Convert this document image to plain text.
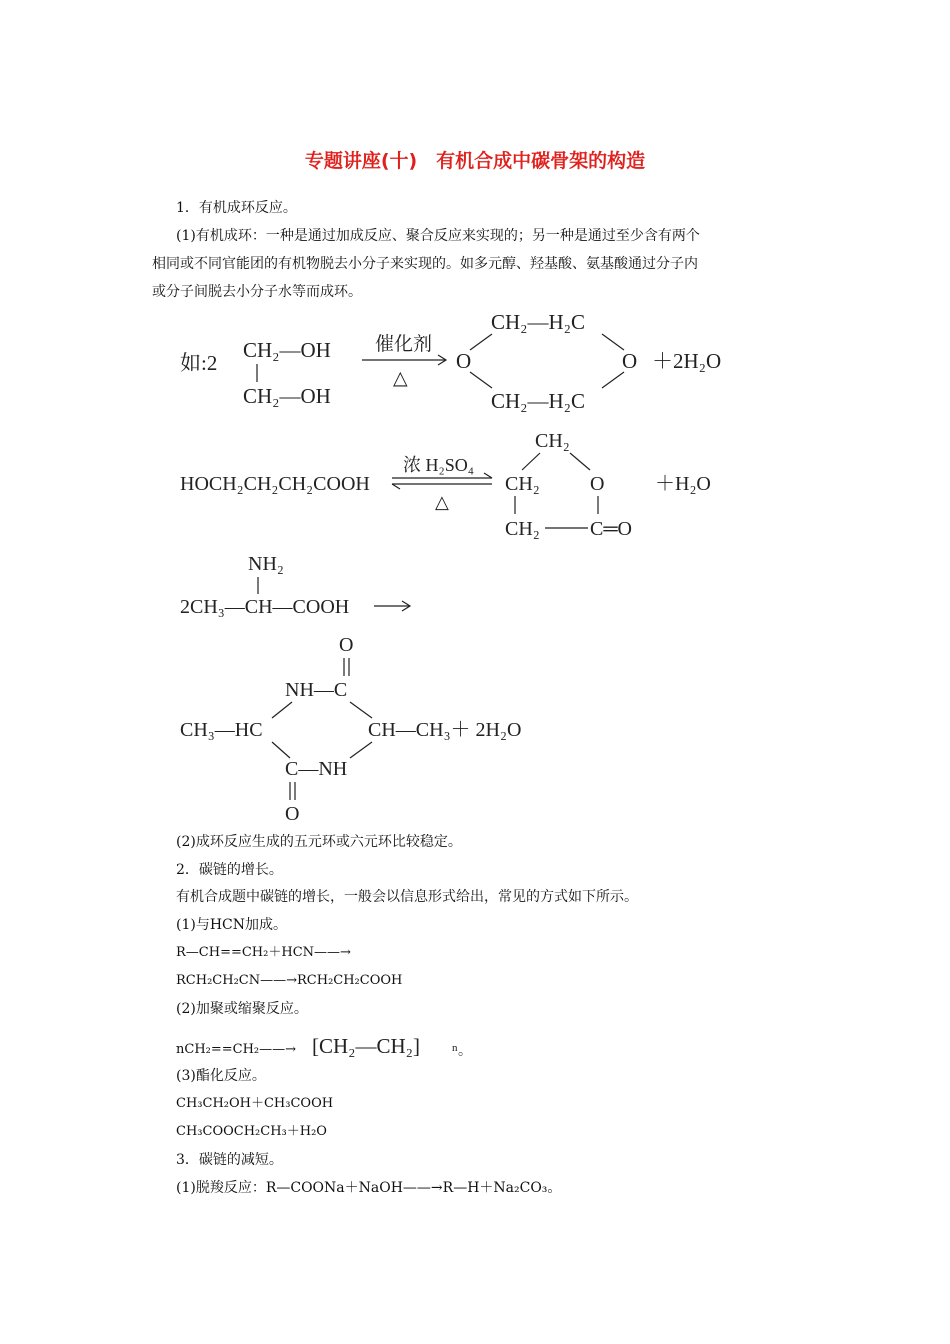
专题讲座(十)　有机合成中碳骨架的构造
1．有机成环反应。
(1)有机成环：一种是通过加成反应、聚合反应来实现的；另一种是通过至少含有两个
相同或不同官能团的有机物脱去小分子来实现的。如多元醇、羟基酸、氨基酸通过分子内
或分子间脱去小分子水等而成环。
如:2
CH₂—OH
CH₂—OH
催化剂
△
CH₂—H₂C
O	O
CH₂—H₂C
＋2H₂O
HOCH₂CH₂CH₂COOH
浓 H₂SO₄
△
CH₂
CH₂	O
CH₂	C═O
＋H₂O
NH₂
2CH₃—CH—COOH
O
NH—C
CH₃—HC	CH—CH₃＋ 2H₂O
C—NH
O
(2)成环反应生成的五元环或六元环比较稳定。
2．碳链的增长。
有机合成题中碳链的增长，一般会以信息形式给出，常见的方式如下所示。
(1)与HCN加成。
R—CH==CH₂＋HCN——→
RCH₂CH₂CN——→RCH₂CH₂COOH
(2)加聚或缩聚反应。
nCH₂==CH₂——→ [CH₂—CH₂]	n 。
(3)酯化反应。
CH₃CH₂OH＋CH₃COOH
CH₃COOCH₂CH₃＋H₂O
3．碳链的减短。
(1)脱羧反应：R—COONa＋NaOH——→R—H＋Na₂CO₃。
